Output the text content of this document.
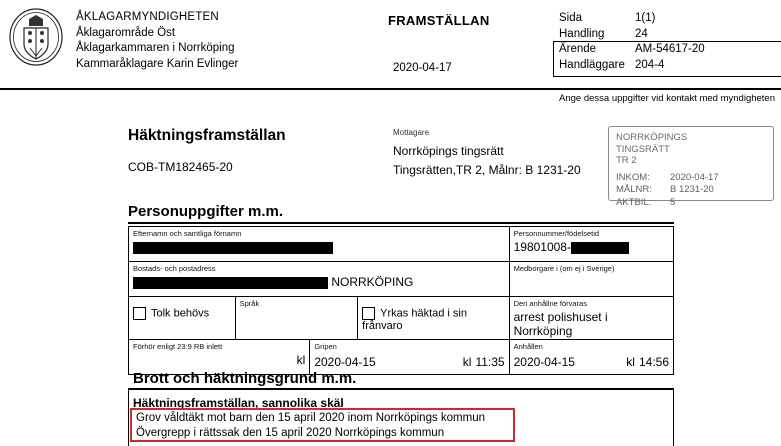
ÅKLAGARMYNDIGHETEN
Åklagarområde Öst
Åklagarkammaren i Norrköping
Kammaråklagare Karin Evlinger
FRAMSTÄLLAN
2020-04-17
Sida	1(1)
Handling	24
Ärende	AM-54617-20
Handläggare 204-4
Ange dessa uppgifter vid kontakt med myndigheten
Häktningsframställan
COB-TM182465-20
Mottagare
Norrköpings tingsrätt
Tingsrätten,TR 2, Målnr: B 1231-20
NORRKÖPINGS
TINGSRÄTT
TR 2
INKOM:	2020-04-17
MÅLNR:	B 1231-20
AKTBIL:	5
Personuppgifter m.m.
Efternamn och samtliga förnamn	Personnummer/födelsetid
19801008-
Bostads- och postadress
NORRKÖPING
Medborgare i (om ej i Sverige)
Tolk behövs
Språk
Yrkas häktad i sin frånvaro
Den anhållne förvaras
arrest polishuset i Norrköping
Förhör enligt 23:9 RB inlett
kl
Gripen
2020-04-15	kl 11:35
Anhållen
2020-04-15	kl 14:56
Brott och häktningsgrund m.m.
Häktningsframställan, sannolika skäl
Grov våldtäkt mot barn den 15 april 2020 inom Norrköpings kommun
Övergrepp i rättssak den 15 april 2020 Norrköpings kommun
